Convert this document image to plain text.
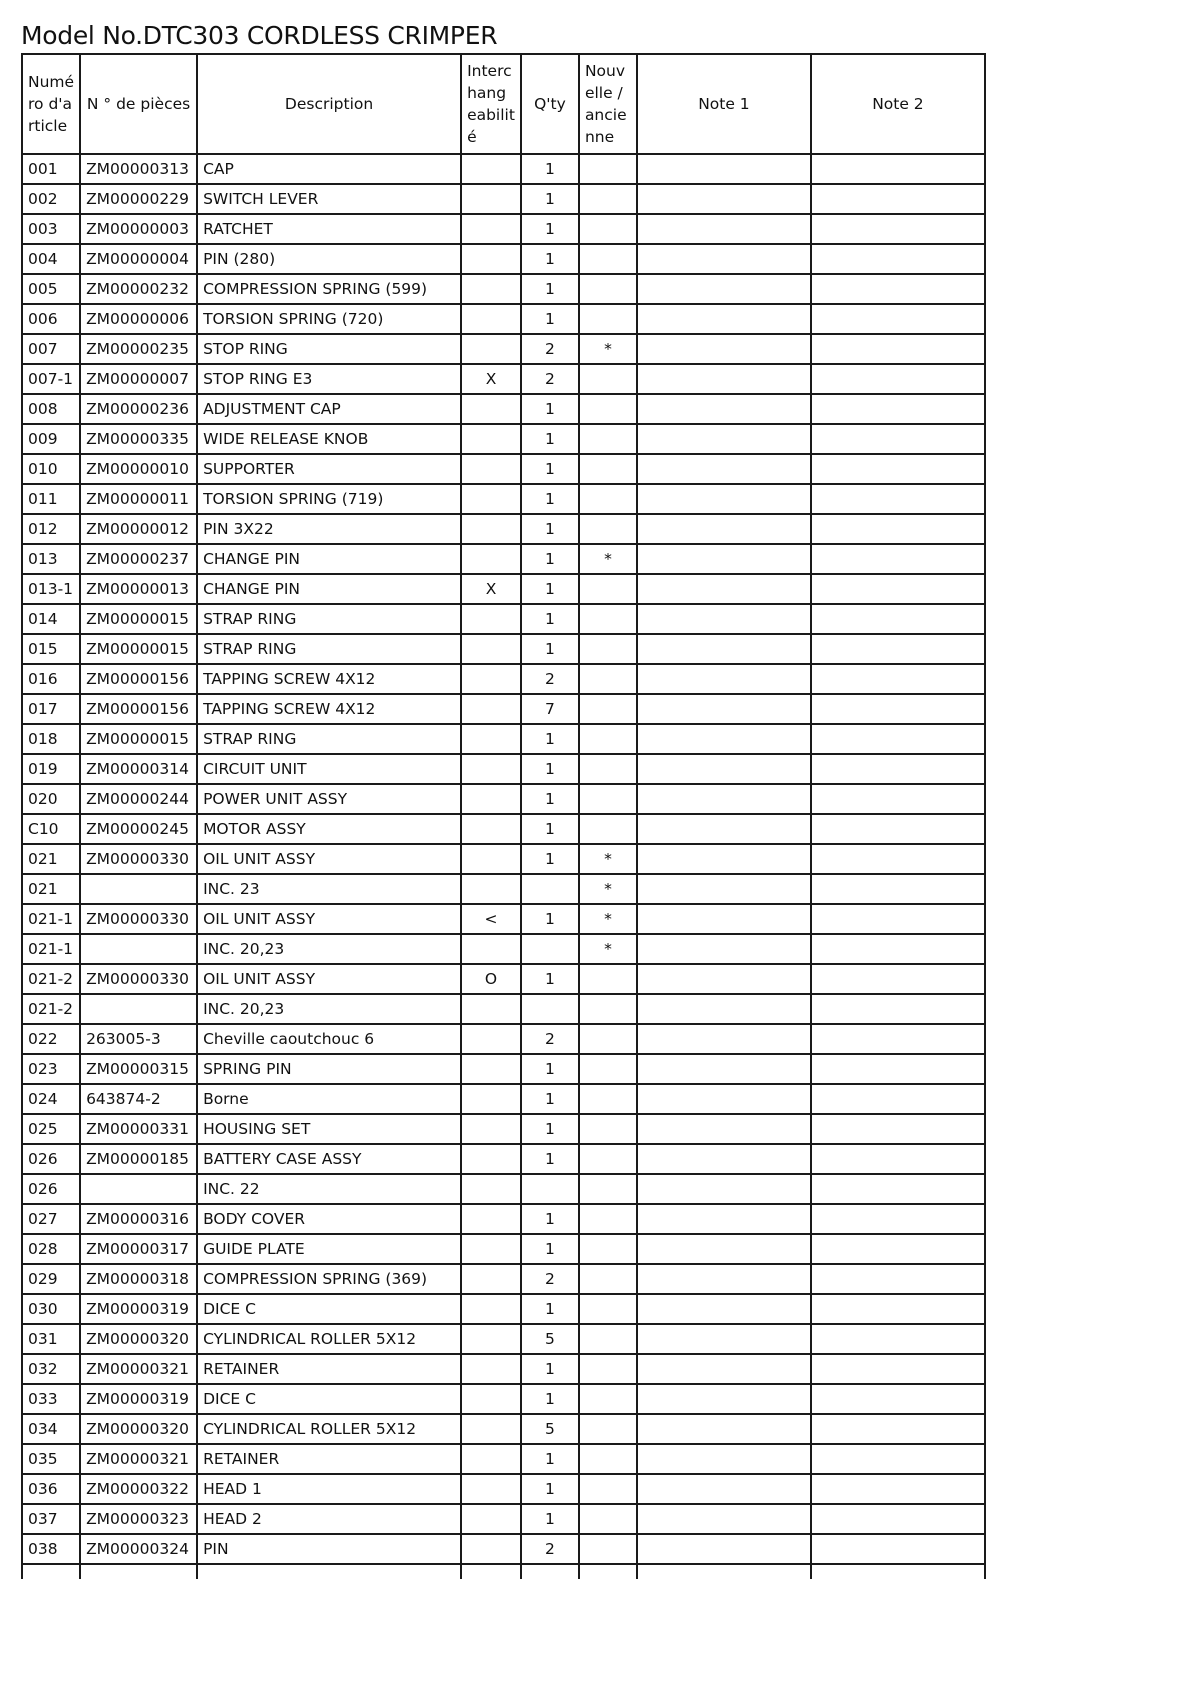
Model No.DTC303 CORDLESS CRIMPER
Numé
ro d'a
rticle	N ° de pièces	Description	Interc
hang
eabilit
é	Q'ty	Nouv
elle /
ancie
nne	Note 1	Note 2
001	ZM00000313	CAP		1			
002	ZM00000229	SWITCH LEVER		1			
003	ZM00000003	RATCHET		1			
004	ZM00000004	PIN (280)		1			
005	ZM00000232	COMPRESSION SPRING (599)		1			
006	ZM00000006	TORSION SPRING (720)		1			
007	ZM00000235	STOP RING		2	*		
007-1	ZM00000007	STOP RING E3	X	2			
008	ZM00000236	ADJUSTMENT CAP		1			
009	ZM00000335	WIDE RELEASE KNOB		1			
010	ZM00000010	SUPPORTER		1			
011	ZM00000011	TORSION SPRING (719)		1			
012	ZM00000012	PIN 3X22		1			
013	ZM00000237	CHANGE PIN		1	*		
013-1	ZM00000013	CHANGE PIN	X	1			
014	ZM00000015	STRAP RING		1			
015	ZM00000015	STRAP RING		1			
016	ZM00000156	TAPPING SCREW 4X12		2			
017	ZM00000156	TAPPING SCREW 4X12		7			
018	ZM00000015	STRAP RING		1			
019	ZM00000314	CIRCUIT UNIT		1			
020	ZM00000244	POWER UNIT ASSY		1			
C10	ZM00000245	MOTOR ASSY		1			
021	ZM00000330	OIL UNIT ASSY		1	*		
021		INC. 23			*		
021-1	ZM00000330	OIL UNIT ASSY	<	1	*		
021-1		INC. 20,23			*		
021-2	ZM00000330	OIL UNIT ASSY	O	1			
021-2		INC. 20,23					
022	263005-3	Cheville caoutchouc 6		2			
023	ZM00000315	SPRING PIN		1			
024	643874-2	Borne		1			
025	ZM00000331	HOUSING SET		1			
026	ZM00000185	BATTERY CASE ASSY		1			
026		INC. 22					
027	ZM00000316	BODY COVER		1			
028	ZM00000317	GUIDE PLATE		1			
029	ZM00000318	COMPRESSION SPRING (369)		2			
030	ZM00000319	DICE C		1			
031	ZM00000320	CYLINDRICAL ROLLER 5X12		5			
032	ZM00000321	RETAINER		1			
033	ZM00000319	DICE C		1			
034	ZM00000320	CYLINDRICAL ROLLER 5X12		5			
035	ZM00000321	RETAINER		1			
036	ZM00000322	HEAD 1		1			
037	ZM00000323	HEAD 2		1			
038	ZM00000324	PIN		2			
